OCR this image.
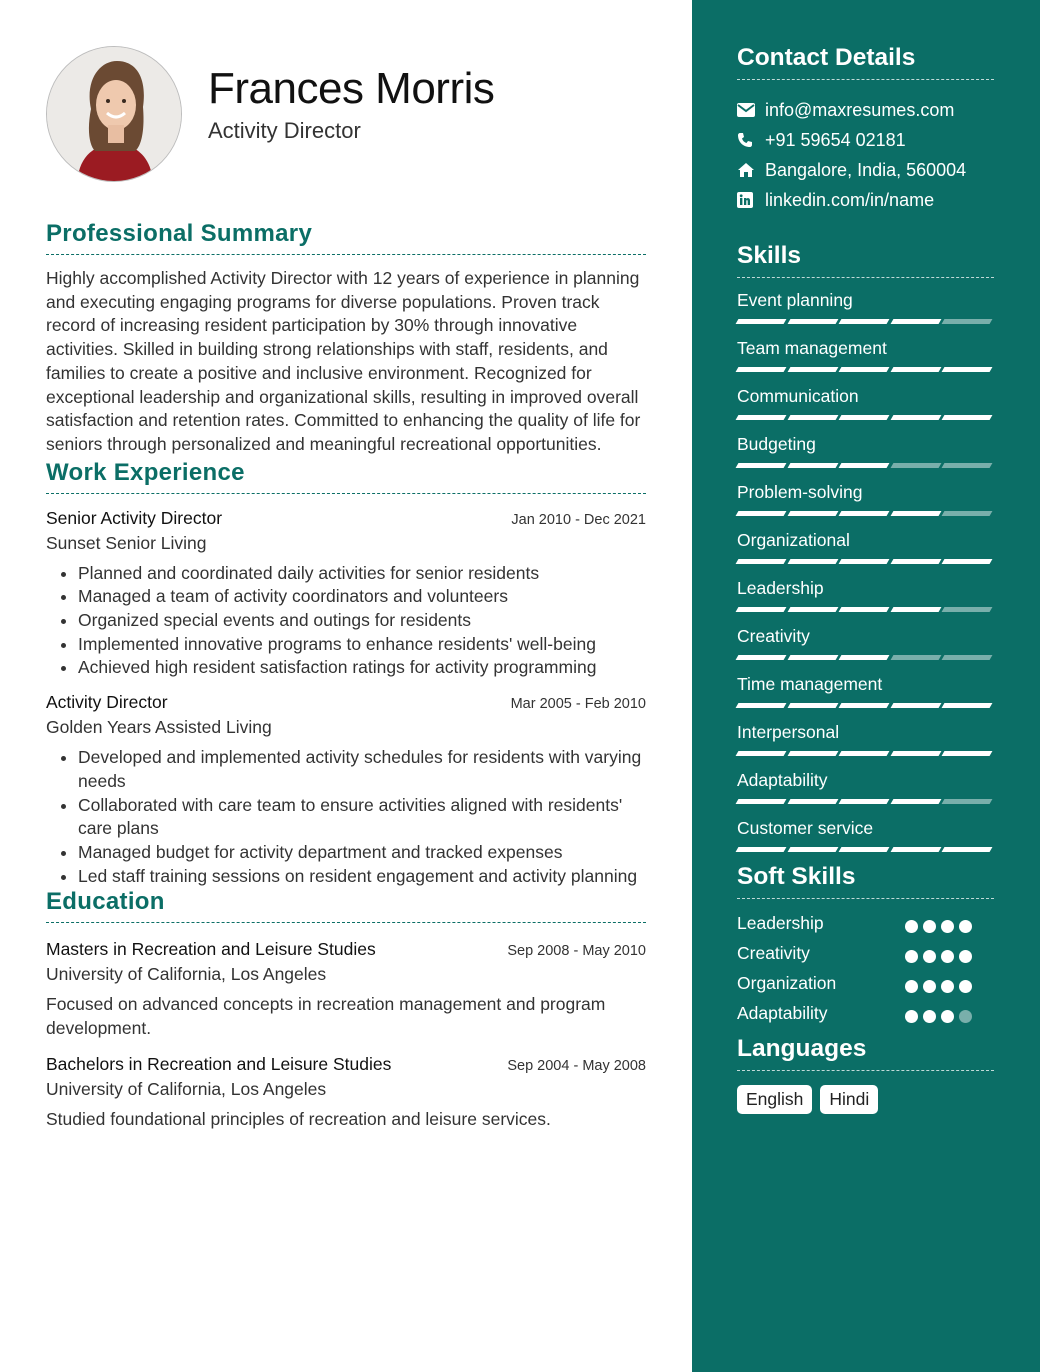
Frances Morris
Activity Director
Professional Summary

Highly accomplished Activity Director with 12 years of experience in planning and executing engaging programs for diverse populations. Proven track record of increasing resident participation by 30% through innovative activities. Skilled in building strong relationships with staff, residents, and families to create a positive and inclusive environment. Recognized for exceptional leadership and organizational skills, resulting in improved overall satisfaction and retention rates. Committed to enhancing the quality of life for seniors through personalized and meaningful recreational opportunities.

Work Experience
Senior Activity Director	Jan 2010 - Dec 2021
Sunset Senior Living
• Planned and coordinated daily activities for senior residents
• Managed a team of activity coordinators and volunteers
• Organized special events and outings for residents
• Implemented innovative programs to enhance residents' well-being
• Achieved high resident satisfaction ratings for activity programming
Activity Director	Mar 2005 - Feb 2010
Golden Years Assisted Living
• Developed and implemented activity schedules for residents with varying needs
• Collaborated with care team to ensure activities aligned with residents' care plans
• Managed budget for activity department and tracked expenses
• Led staff training sessions on resident engagement and activity planning
Education
Masters in Recreation and Leisure Studies	Sep 2008 - May 2010
University of California, Los Angeles

Focused on advanced concepts in recreation management and program development.

Bachelors in Recreation and Leisure Studies	Sep 2004 - May 2008
University of California, Los Angeles

Studied foundational principles of recreation and leisure services.

Contact Details
info@maxresumes.com
+91 59654 02181
Bangalore, India, 560004
linkedin.com/in/name
Skills
Event planning
Team management
Communication
Budgeting
Problem-solving
Organizational
Leadership
Creativity
Time management
Interpersonal
Adaptability
Customer service
Soft Skills
Leadership
Creativity
Organization
Adaptability
Languages
English	Hindi
